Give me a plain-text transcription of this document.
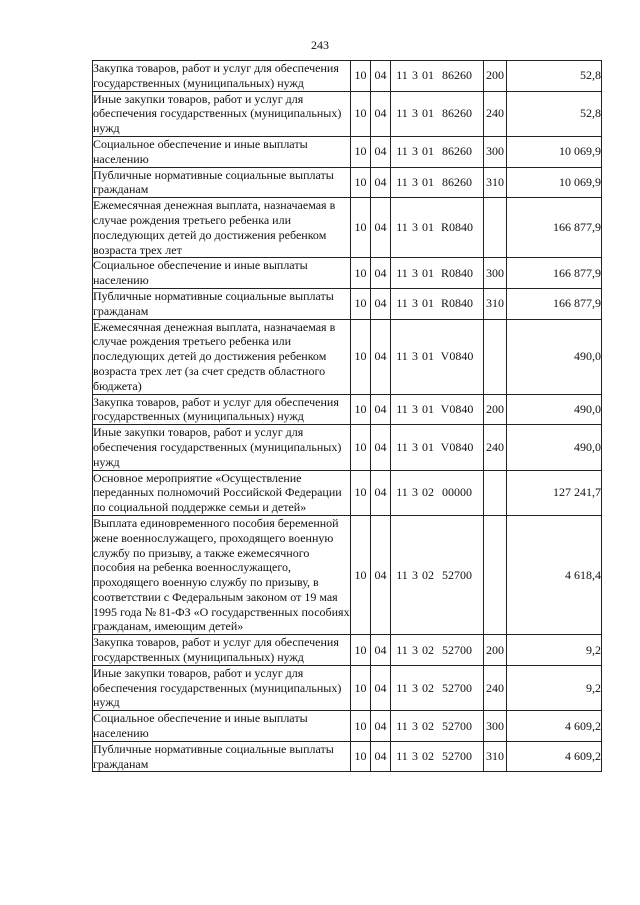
243
Закупка товаров, работ и услуг для обеспечения государственных (муниципальных) нужд	10	04	11 3 01 86260	200	52,8
Иные закупки товаров, работ и услуг для обеспечения государственных (муниципальных) нужд	10	04	11 3 01 86260	240	52,8
Социальное обеспечение и иные выплаты населению	10	04	11 3 01 86260	300	10 069,9
Публичные нормативные социальные выплаты гражданам	10	04	11 3 01 86260	310	10 069,9
Ежемесячная денежная выплата, назначаемая в случае рождения третьего ребенка или последующих детей до достижения ребенком возраста трех лет	10	04	11 3 01 R0840		166 877,9
Социальное обеспечение и иные выплаты населению	10	04	11 3 01 R0840	300	166 877,9
Публичные нормативные социальные выплаты гражданам	10	04	11 3 01 R0840	310	166 877,9
Ежемесячная денежная выплата, назначаемая в случае рождения третьего ребенка или последующих детей до достижения ребенком возраста трех лет (за счет средств областного бюджета)	10	04	11 3 01 V0840		490,0
Закупка товаров, работ и услуг для обеспечения государственных (муниципальных) нужд	10	04	11 3 01 V0840	200	490,0
Иные закупки товаров, работ и услуг для обеспечения государственных (муниципальных) нужд	10	04	11 3 01 V0840	240	490,0
Основное мероприятие «Осуществление переданных полномочий Российской Федерации по социальной поддержке семьи и детей»	10	04	11 3 02 00000		127 241,7
Выплата единовременного пособия беременной жене военнослужащего, проходящего военную службу по призыву, а также ежемесячного пособия на ребенка военнослужащего, проходящего военную службу по призыву, в соответствии с Федеральным законом от 19 мая 1995 года № 81-ФЗ «О государственных пособиях гражданам, имеющим детей»	10	04	11 3 02 52700		4 618,4
Закупка товаров, работ и услуг для обеспечения государственных (муниципальных) нужд	10	04	11 3 02 52700	200	9,2
Иные закупки товаров, работ и услуг для обеспечения государственных (муниципальных) нужд	10	04	11 3 02 52700	240	9,2
Социальное обеспечение и иные выплаты населению	10	04	11 3 02 52700	300	4 609,2
Публичные нормативные социальные выплаты гражданам	10	04	11 3 02 52700	310	4 609,2
